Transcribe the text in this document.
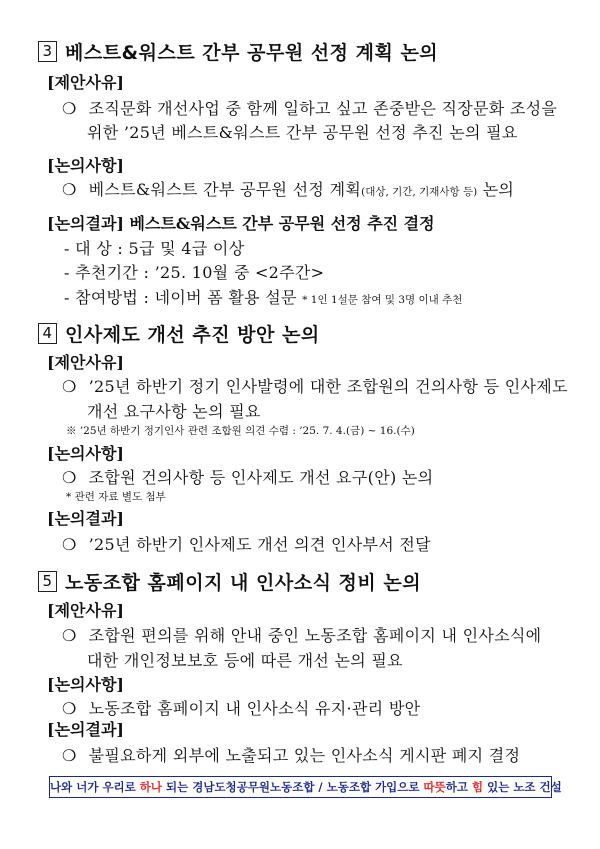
3 베스트&워스트 간부 공무원 선정 계획 논의
[제안사유]
❍ 조직문화 개선사업 중 함께 일하고 싶고 존중받은 직장문화 조성을
위한 ’25년 베스트&워스트 간부 공무원 선정 추진 논의 필요
[논의사항]
❍ 베스트&워스트 간부 공무원 선정 계획(대상, 기간, 기재사항 등) 논의
[논의결과] 베스트&워스트 간부 공무원 선정 추진 결정
- 대 상 : 5급 및 4급 이상
- 추천기간 : ’25. 10월 중 <2주간>
- 참여방법 : 네이버 폼 활용 설문 * 1인 1설문 참여 및 3명 이내 추천
4 인사제도 개선 추진 방안 논의
[제안사유]
❍ ’25년 하반기 정기 인사발령에 대한 조합원의 건의사항 등 인사제도
개선 요구사항 논의 필요
※ ’25년 하반기 정기인사 관련 조합원 의견 수렴 : ’25. 7. 4.(금) ~ 16.(수)
[논의사항]
❍ 조합원 건의사항 등 인사제도 개선 요구(안) 논의
* 관련 자료 별도 첨부
[논의결과]
❍ ’25년 하반기 인사제도 개선 의견 인사부서 전달
5 노동조합 홈페이지 내 인사소식 정비 논의
[제안사유]
❍ 조합원 편의를 위해 안내 중인 노동조합 홈페이지 내 인사소식에
대한 개인정보보호 등에 따른 개선 논의 필요
[논의사항]
❍ 노동조합 홈페이지 내 인사소식 유지·관리 방안
[논의결과]
❍ 불필요하게 외부에 노출되고 있는 인사소식 게시판 폐지 결정
나와 너가 우리로 하나 되는 경남도청공무원노동조합 / 노동조합 가입으로 따뜻하고 힘 있는 노조 건설
